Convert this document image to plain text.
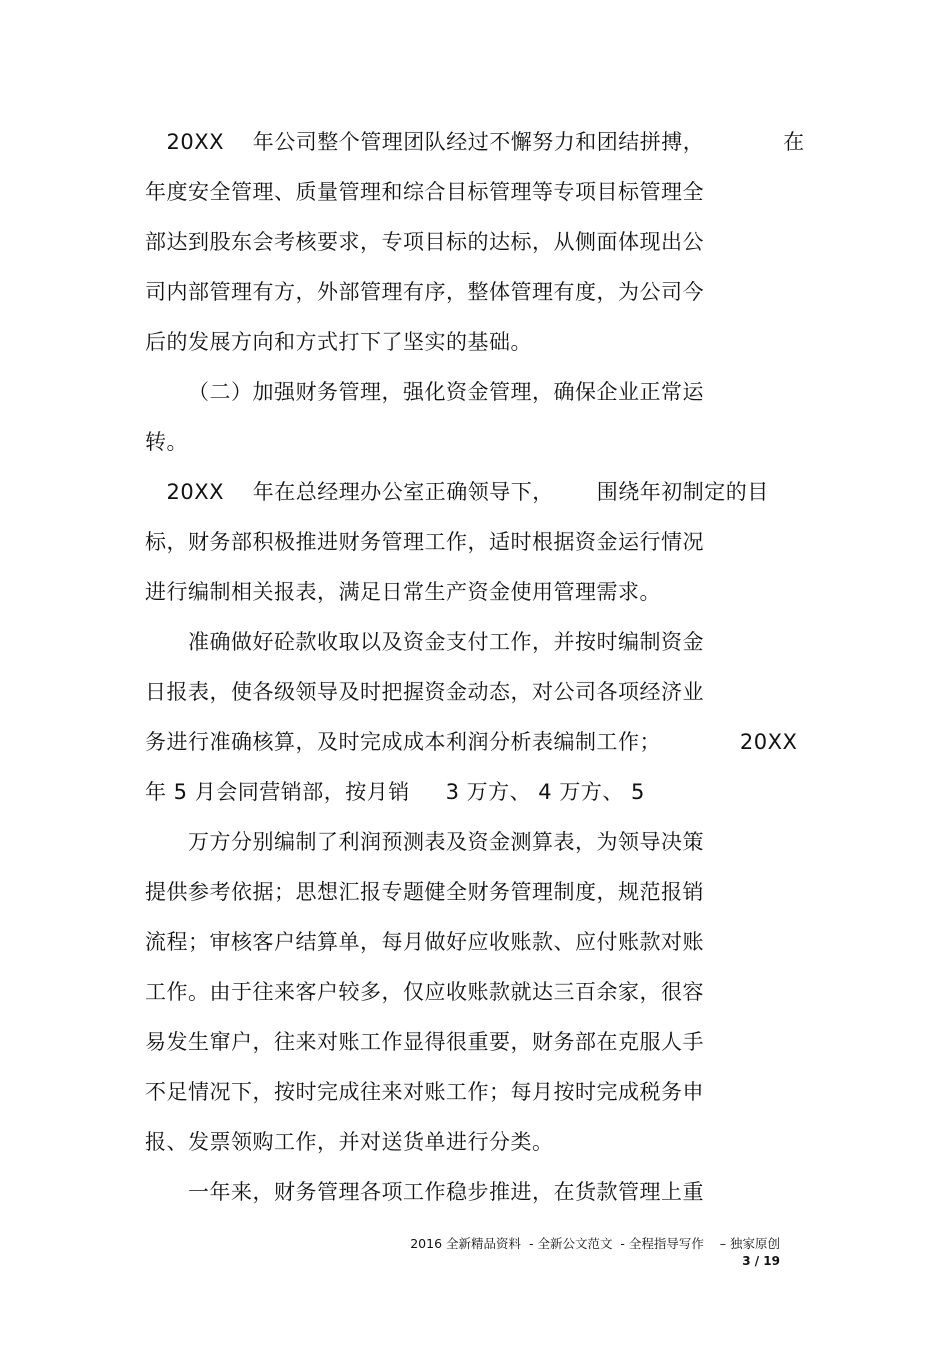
20XX    年公司整个管理团队经过不懈努力和团结拼搏，           在
年度安全管理、质量管理和综合目标管理等专项目标管理全
部达到股东会考核要求，专项目标的达标，从侧面体现出公
司内部管理有方，外部管理有序，整体管理有度，为公司今
后的发展方向和方式打下了坚实的基础。
（二）加强财务管理，强化资金管理，确保企业正常运
转。
20XX    年在总经理办公室正确领导下，      围绕年初制定的目
标，财务部积极推进财务管理工作，适时根据资金运行情况
进行编制相关报表，满足日常生产资金使用管理需求。
准确做好砼款收取以及资金支付工作，并按时编制资金
日报表，使各级领导及时把握资金动态，对公司各项经济业
务进行准确核算，及时完成成本利润分析表编制工作；           20XX
年 5 月会同营销部，按月销     3 万方、 4 万方、 5
万方分别编制了利润预测表及资金测算表，为领导决策
提供参考依据；思想汇报专题健全财务管理制度，规范报销
流程；审核客户结算单，每月做好应收账款、应付账款对账
工作。由于往来客户较多，仅应收账款就达三百余家，很容
易发生窜户，往来对账工作显得很重要，财务部在克服人手
不足情况下，按时完成往来对账工作；每月按时完成税务申
报、发票领购工作，并对送货单进行分类。
一年来，财务管理各项工作稳步推进，在货款管理上重
2016 全新精品资料  - 全新公文范文  - 全程指导写作    – 独家原创
3 / 19
